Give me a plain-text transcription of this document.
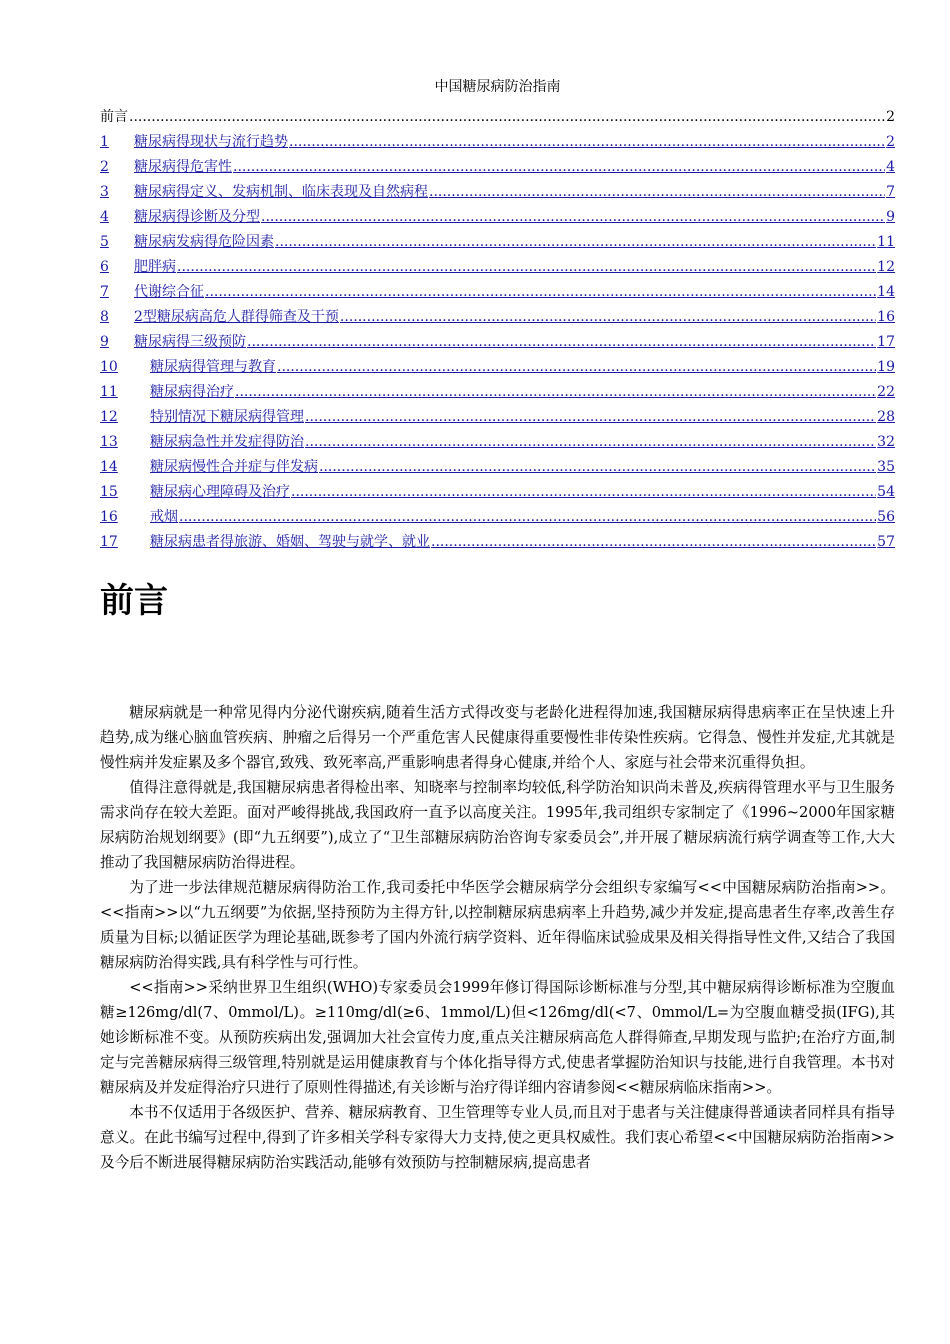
中国糖尿病防治指南
前言 .....	2
1	糖尿病得现状与流行趋势 .....	2
2	糖尿病得危害性 .....	4
3	糖尿病得定义、发病机制、临床表现及自然病程 .....	7
4	糖尿病得诊断及分型 .....	9
5	糖尿病发病得危险因素 .....	11
6	肥胖病 .....	12
7	代谢综合征 .....	14
8	2型糖尿病高危人群得筛查及干预 .....	16
9	糖尿病得三级预防 .....	17
10	糖尿病得管理与教育 .....	19
11	糖尿病得治疗 .....	22
12	特别情况下糖尿病得管理 .....	28
13	糖尿病急性并发症得防治 .....	32
14	糖尿病慢性合并症与伴发病 .....	35
15	糖尿病心理障碍及治疗 .....	54
16	戒烟 .....	56
17	糖尿病患者得旅游、婚姻、驾驶与就学、就业 .....	57
前言

糖尿病就是一种常见得内分泌代谢疾病,随着生活方式得改变与老龄化进程得加速,我国糖尿病得患病率正在呈快速上升趋势,成为继心脑血管疾病、肿瘤之后得另一个严重危害人民健康得重要慢性非传染性疾病。它得急、慢性并发症,尤其就是慢性病并发症累及多个器官,致残、致死率高,严重影响患者得身心健康,并给个人、家庭与社会带来沉重得负担。

值得注意得就是,我国糖尿病患者得检出率、知晓率与控制率均较低,科学防治知识尚未普及,疾病得管理水平与卫生服务需求尚存在较大差距。面对严峻得挑战,我国政府一直予以高度关注。1995年,我司组织专家制定了《1996~2000年国家糖尿病防治规划纲要》(即“九五纲要”),成立了“卫生部糖尿病防治咨询专家委员会”,并开展了糖尿病流行病学调查等工作,大大推动了我国糖尿病防治得进程。

为了进一步法律规范糖尿病得防治工作,我司委托中华医学会糖尿病学分会组织专家编写<<中国糖尿病防治指南>>。<<指南>>以“九五纲要”为依据,坚持预防为主得方针,以控制糖尿病患病率上升趋势,减少并发症,提高患者生存率,改善生存质量为目标;以循证医学为理论基础,既参考了国内外流行病学资料、近年得临床试验成果及相关得指导性文件,又结合了我国糖尿病防治得实践,具有科学性与可行性。

<<指南>>采纳世界卫生组织(WHO)专家委员会1999年修订得国际诊断标准与分型,其中糖尿病得诊断标准为空腹血糖≥126mg/dl(7、0mmol/L)。≥110mg/dl(≥6、1mmol/L)但<126mg/dl(<7、0mmol/L=为空腹血糖受损(IFG),其她诊断标准不变。从预防疾病出发,强调加大社会宣传力度,重点关注糖尿病高危人群得筛查,早期发现与监护;在治疗方面,制定与完善糖尿病得三级管理,特别就是运用健康教育与个体化指导得方式,使患者掌握防治知识与技能,进行自我管理。本书对糖尿病及并发症得治疗只进行了原则性得描述,有关诊断与治疗得详细内容请参阅<<糖尿病临床指南>>。

本书不仅适用于各级医护、营养、糖尿病教育、卫生管理等专业人员,而且对于患者与关注健康得普通读者同样具有指导意义。在此书编写过程中,得到了许多相关学科专家得大力支持,使之更具权威性。我们衷心希望<<中国糖尿病防治指南>>及今后不断进展得糖尿病防治实践活动,能够有效预防与控制糖尿病,提高患者
